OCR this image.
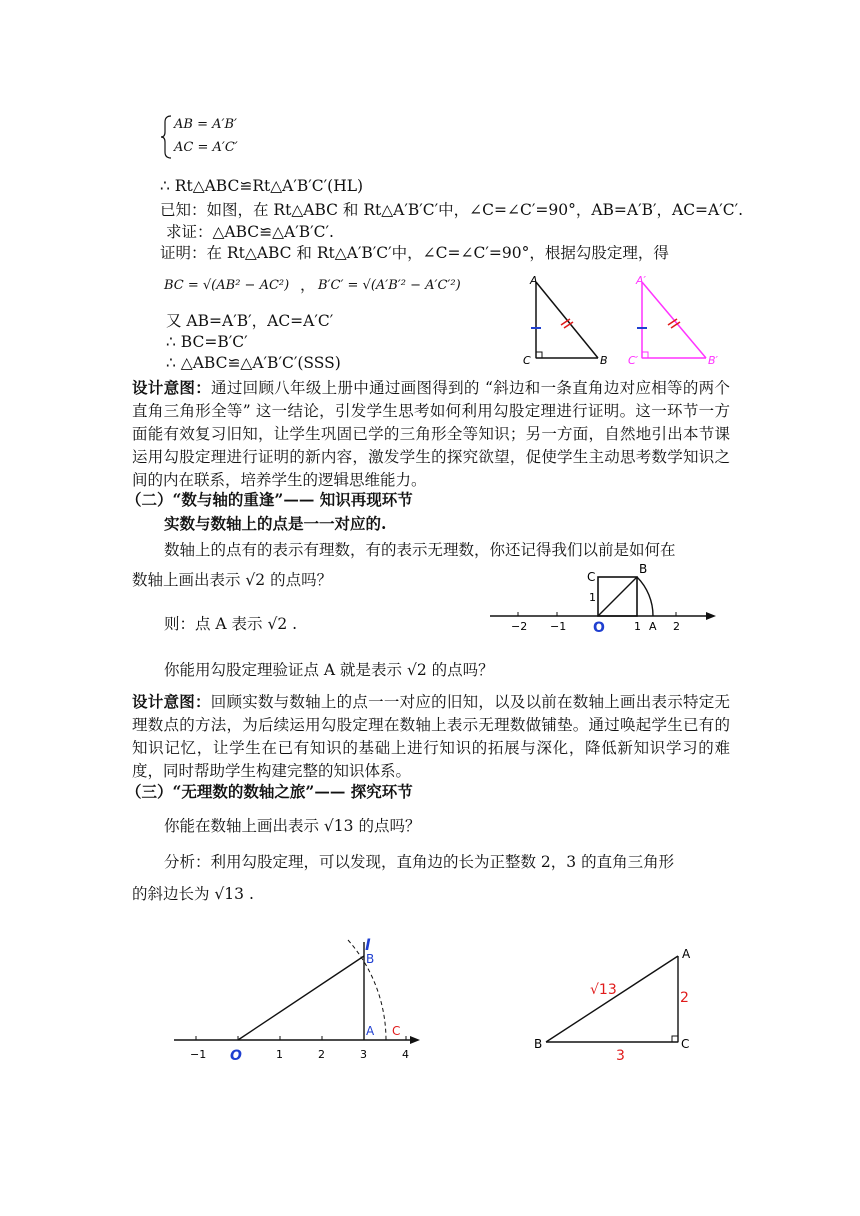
AB = A′B′
AC = A′C′
∴ Rt△ABC≌Rt△A′B′C′(HL)
已知：如图，在 Rt△ABC 和 Rt△A′B′C′中，∠C=∠C′=90°，AB=A′B′，AC=A′C′.
求证：△ABC≌△A′B′C′.
证明：在 Rt△ABC 和 Rt△A′B′C′中，∠C=∠C′=90°，根据勾股定理，得
BC = √(AB² − AC²) ， B′C′ = √(A′B′² − A′C′²)
又 AB=A′B′，AC=A′C′
∴ BC=B′C′
∴ △ABC≌△A′B′C′(SSS)
A
C	B
A′
C′	B′
设计意图：通过回顾八年级上册中通过画图得到的 “斜边和一条直角边对应相等的两个直角三角形全等” 这一结论，引发学生思考如何利用勾股定理进行证明。这一环节一方面能有效复习旧知，让学生巩固已学的三角形全等知识；另一方面，自然地引出本节课运用勾股定理进行证明的新内容，激发学生的探究欲望，促使学生主动思考数学知识之间的内在联系，培养学生的逻辑思维能力。
（二）“数与轴的重逢”—— 知识再现环节
实数与数轴上的点是一一对应的.
数轴上的点有的表示有理数，有的表示无理数，你还记得我们以前是如何在
数轴上画出表示 √2 的点吗？
则：点 A 表示 √2 .
你能用勾股定理验证点 A 就是表示 √2 的点吗？
−2 −1 O	1 A 2
C
B
1
设计意图：回顾实数与数轴上的点一一对应的旧知，以及以前在数轴上画出表示特定无理数点的方法，为后续运用勾股定理在数轴上表示无理数做铺垫。通过唤起学生已有的知识记忆，让学生在已有知识的基础上进行知识的拓展与深化，降低新知识学习的难度，同时帮助学生构建完整的知识体系。
（三）“无理数的数轴之旅”—— 探究环节
你能在数轴上画出表示 √13 的点吗？
分析：利用勾股定理，可以发现，直角边的长为正整数 2，3 的直角三角形
的斜边长为 √13 .
−1 O	1	2	3	4
l
B
A C
A
B	C
√13	2
3
